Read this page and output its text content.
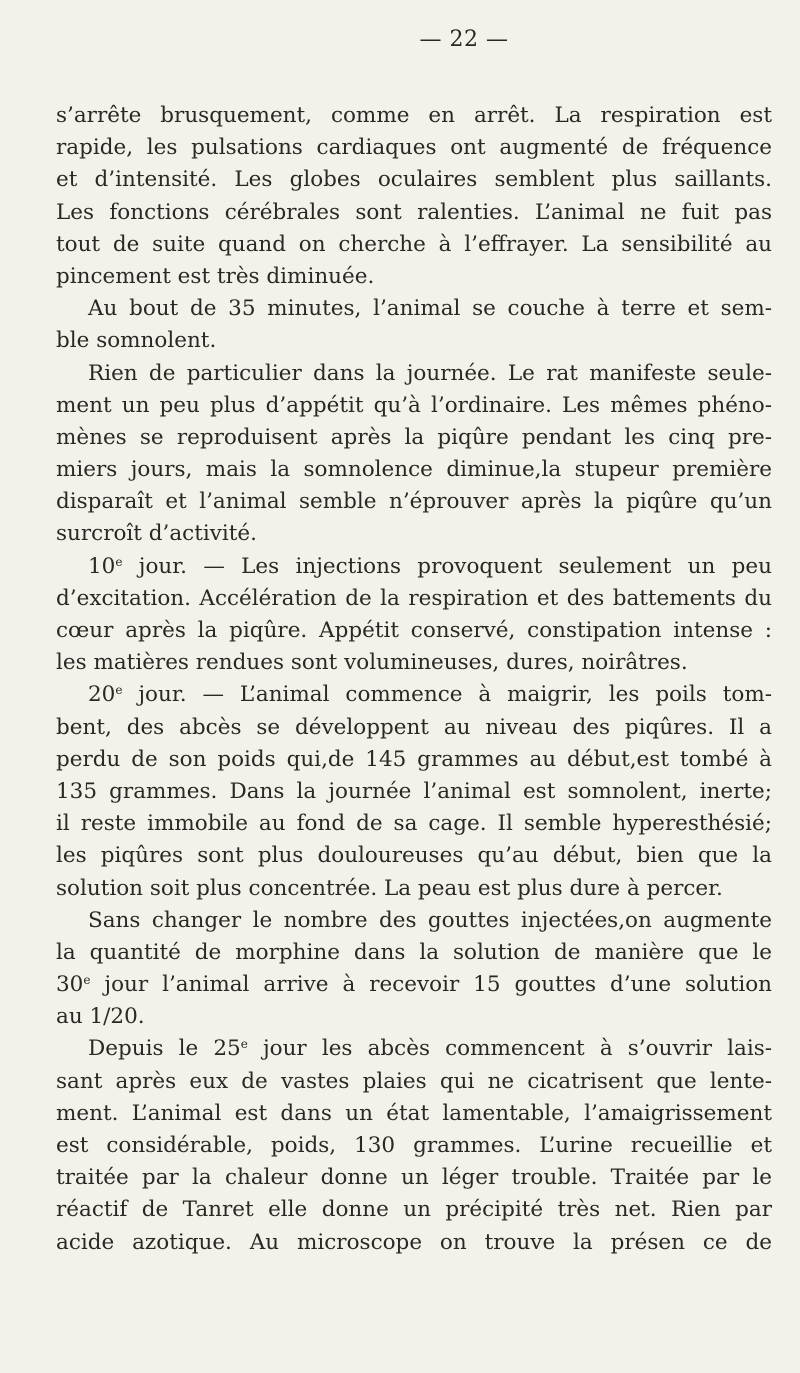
— 22 —
s’arrête brusquement, comme en arrêt. La respiration est
rapide, les pulsations cardiaques ont augmenté de fréquence
et d’intensité. Les globes oculaires semblent plus saillants.
Les fonctions cérébrales sont ralenties. L’animal ne fuit pas
tout de suite quand on cherche à l’effrayer. La sensibilité au
pincement est très diminuée.
Au bout de 35 minutes, l’animal se couche à terre et sem-
ble somnolent.
Rien de particulier dans la journée. Le rat manifeste seule-
ment un peu plus d’appétit qu’à l’ordinaire. Les mêmes phéno-
mènes se reproduisent après la piqûre pendant les cinq pre-
miers jours, mais la somnolence diminue,la stupeur première
disparaît et l’animal semble n’éprouver après la piqûre qu’un
surcroît d’activité.
10e jour. — Les injections provoquent seulement un peu
d’excitation. Accélération de la respiration et des battements du
cœur après la piqûre. Appétit conservé, constipation intense :
les matières rendues sont volumineuses, dures, noirâtres.
20e jour. — L’animal commence à maigrir, les poils tom-
bent, des abcès se développent au niveau des piqûres. Il a
perdu de son poids qui,de 145 grammes au début,est tombé à
135 grammes. Dans la journée l’animal est somnolent, inerte;
il reste immobile au fond de sa cage. Il semble hyperesthésié;
les piqûres sont plus douloureuses qu’au début, bien que la
solution soit plus concentrée. La peau est plus dure à percer.
Sans changer le nombre des gouttes injectées,on augmente
la quantité de morphine dans la solution de manière que le
30e jour l’animal arrive à recevoir 15 gouttes d’une solution
au 1/20.
Depuis le 25e jour les abcès commencent à s’ouvrir lais-
sant après eux de vastes plaies qui ne cicatrisent que lente-
ment. L’animal est dans un état lamentable, l’amaigrissement
est considérable, poids, 130 grammes. L’urine recueillie et
traitée par la chaleur donne un léger trouble. Traitée par le
réactif de Tanret elle donne un précipité très net. Rien par
acide azotique. Au microscope on trouve la présen ce de
